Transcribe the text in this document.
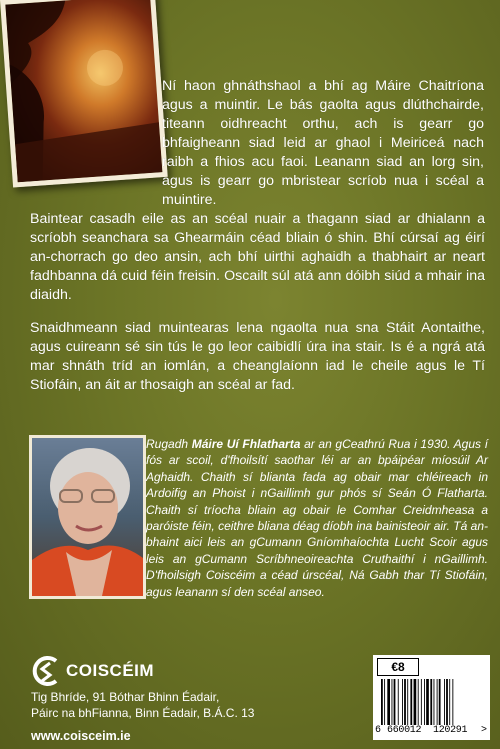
Ní haon ghnáthshaol a bhí ag Máire Chaitríona agus a muintir. Le bás gaolta agus dlúthchairde, titeann oidhreacht orthu, ach is gearr go bhfaigheann siad leid ar ghaol i Meiriceá nach raibh a fhios acu faoi. Leanann siad an lorg sin, agus is gearr go mbristear scríob nua i scéal a muintire.

Baintear casadh eile as an scéal nuair a thagann siad ar dhialann a scríobh seanchara sa Ghearmáin céad bliain ó shin. Bhí cúrsaí ag éirí an-chorrach go deo ansin, ach bhí uirthi aghaidh a thabhairt ar neart fadhbanna dá cuid féin freisin. Oscailt súl atá ann dóibh siúd a mhair ina diaidh.

Snaidhmeann siad muintearas lena ngaolta nua sna Stáit Aontaithe, agus cuireann sé sin tús le go leor caibidlí úra ina stair. Is é a ngrá atá mar shnáth tríd an iomlán, a cheanglaíonn iad le cheile agus le Tí Stiofáin, an áit ar thosaigh an scéal ar fad.

Rugadh Máire Uí Fhlatharta ar an gCeathrú Rua i 1930. Agus í fós ar scoil, d'fhoilsítí saothar léi ar an bpáipéar míosúil Ar Aghaidh. Chaith sí blianta fada ag obair mar chléireach in Ardoifig an Phoist i nGaillimh gur phós sí Seán Ó Flatharta. Chaith sí tríocha bliain ag obair le Comhar Creidmheasa a paróiste féin, ceithre bliana déag díobh ina bainisteoir air. Tá an-bhaint aici leis an gCumann Gníomhaíochta Lucht Scoir agus leis an gCumann Scríbhneoireachta Cruthaithí i nGaillimh. D'fhoilsigh Coiscéim a céad úrscéal, Ná Gabh thar Tí Stiofáin, agus leanann sí den scéal anseo.

COISCÉIM

Tig Bhríde, 91 Bóthar Bhinn Éadair,
Páirc na bhFianna, Binn Éadair, B.Á.C. 13

www.coisceim.ie

€8
6 660012 120291 >
